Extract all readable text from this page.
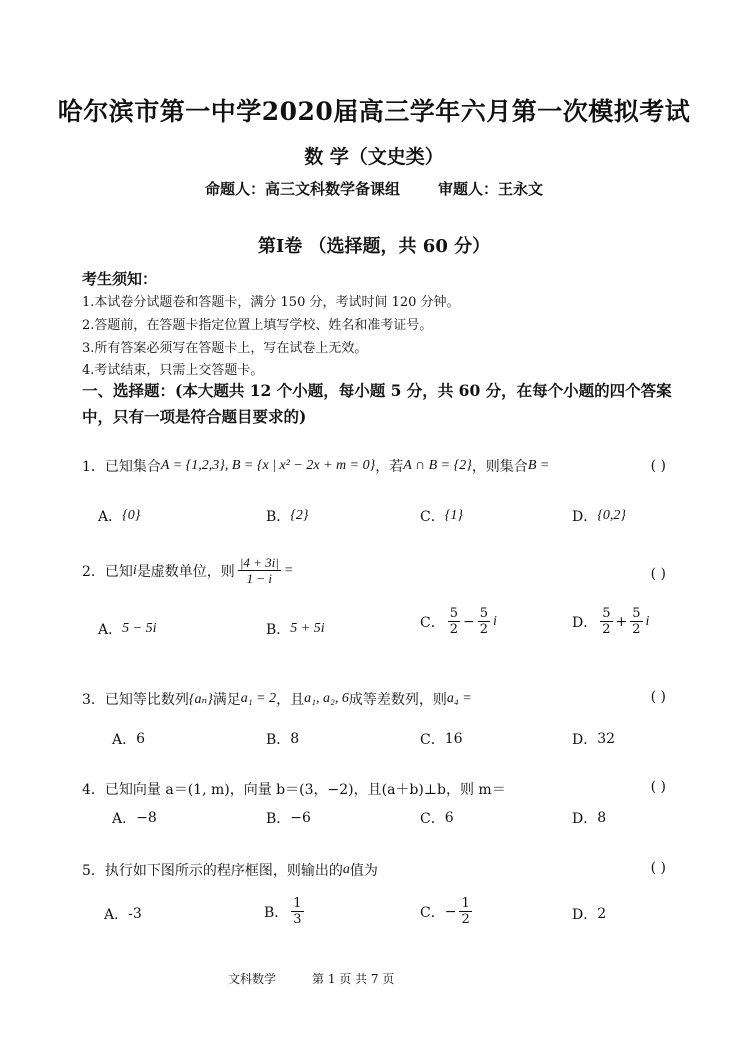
哈尔滨市第一中学2020届高三学年六月第一次模拟考试
数 学（文史类）
命题人：高三文科数学备课组	审题人：王永文
第Ⅰ卷 （选择题，共 60 分）
考生须知：
1.本试卷分试题卷和答题卡，满分 150 分，考试时间 120 分钟。
2.答题前，在答题卡指定位置上填写学校、姓名和准考证号。
3.所有答案必须写在答题卡上，写在试卷上无效。
4.考试结束，只需上交答题卡。
一、选择题：(本大题共 12 个小题，每小题 5 分，共 60 分，在每个小题的四个答案中，只有一项是符合题目要求的)
1． 已知集合 A = {1,2,3}, B = {x | x² − 2x + m = 0} ，若 A ∩ B = {2} ，则集合 B =	( )
A． {0}	B． {2}	C． {1}	D． {0,2}
2． 已知 i 是虚数单位，则 $\frac{|4 + 3i|}{1 - i}$ =	( )
A． 5 − 5i	B． 5 + 5i	C． $\frac{5}{2} - \frac{5}{2}$ i	D． $\frac{5}{2} + \frac{5}{2}$ i
3． 已知等比数列 {aₙ} 满足 a₁ = 2 ，且 a₁, a₂, 6 成等差数列，则 a₄ =	( )
A． 6	B． 8	C． 16	D． 32
4． 已知向量 a＝(1, m)，向量 b＝(3，−2)，且(a＋b)⊥b，则 m＝	( )
A． −8	B． −6	C． 6	D． 8
5． 执行如下图所示的程序框图，则输出的 a 值为	( )
A． -3	B． $\frac{1}{3}$	C． − $\frac{1}{2}$	D． 2
文科数学	第 1 页 共 7 页
